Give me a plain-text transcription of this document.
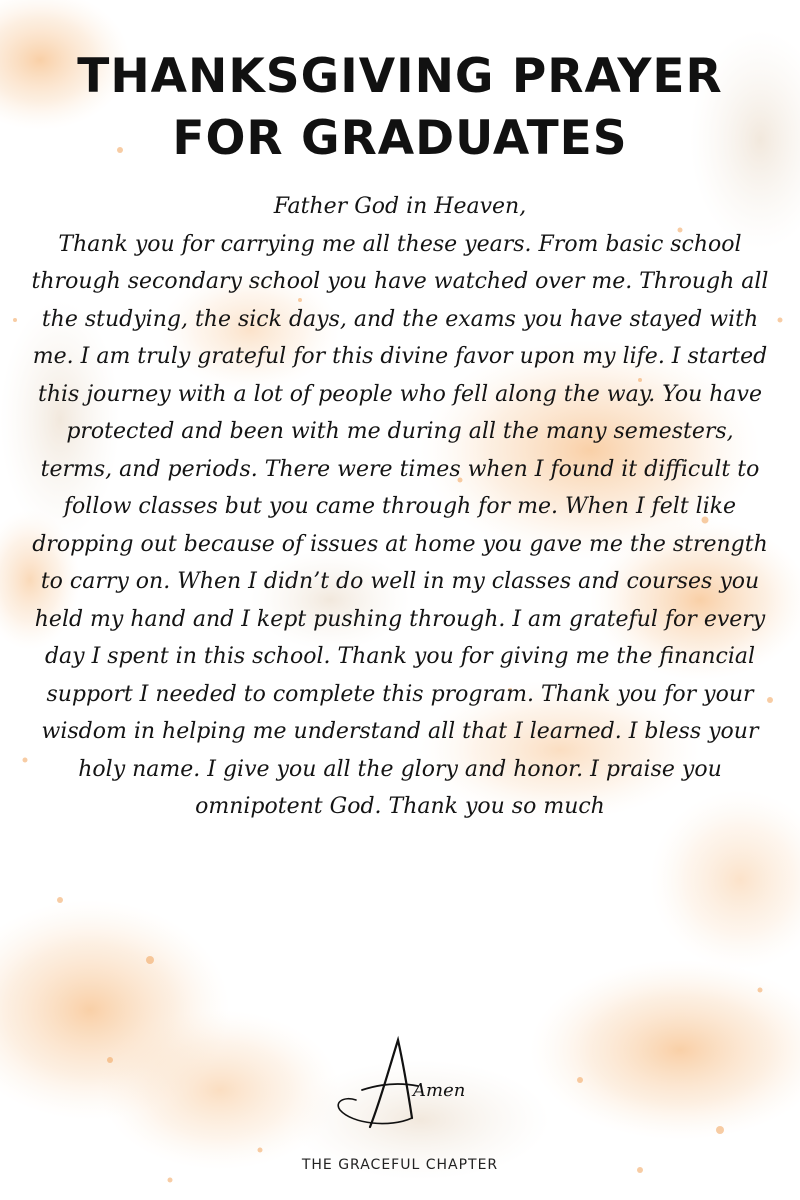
THANKSGIVING PRAYER
FOR GRADUATES

Father God in Heaven,

Thank you for carrying me all these years. From basic school through secondary school you have watched over me. Through all the studying, the sick days, and the exams you have stayed with me. I am truly grateful for this divine favor upon my life. I started this journey with a lot of people who fell along the way. You have protected and been with me during all the many semesters, terms, and periods. There were times when I found it difficult to follow classes but you came through for me. When I felt like dropping out because of issues at home you gave me the strength to carry on. When I didn’t do well in my classes and courses you held my hand and I kept pushing through. I am grateful for every day I spent in this school. Thank you for giving me the financial support I needed to complete this program. Thank you for your wisdom in helping me understand all that I learned. I bless your holy name. I give you all the glory and honor. I praise you omnipotent God. Thank you so much

Amen
THE GRACEFUL CHAPTER
